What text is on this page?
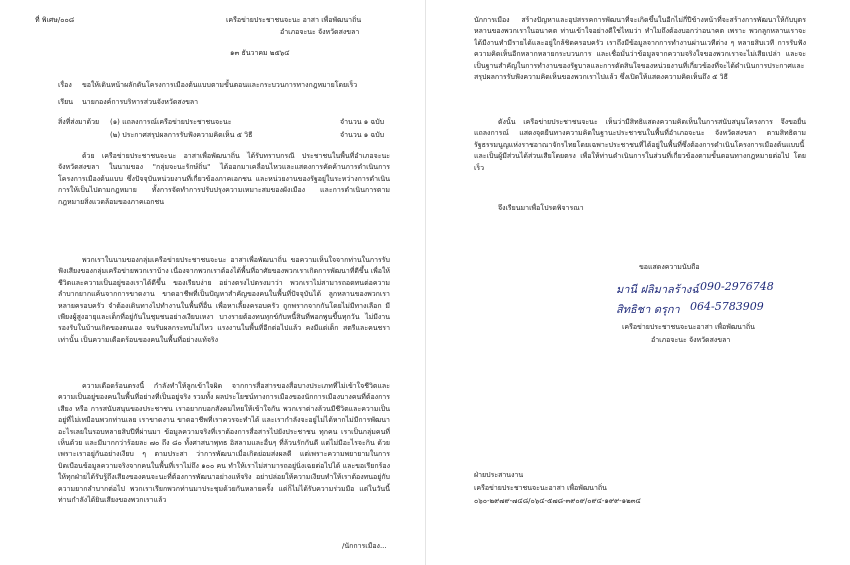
ที่ พิเศษ/๐๐๘	เครือข่ายประชาชนจะนะ อาสา เพื่อพัฒนาถิ่น
อำเภอจะนะ จังหวัดสงขลา
๑๓ ธันวาคม ๒๕๖๔
เรื่อง ขอให้เดินหน้าผลักดันโครงการเมืองต้นแบบตามขั้นตอนและกระบวนการทางกฎหมายโดยเร็ว
เรียน นายกองค์การบริหารส่วนจังหวัดสงขลา
สิ่งที่ส่งมาด้วย (๑) แถลงการณ์เครือข่ายประชาชนจะนะ	จำนวน ๑ ฉบับ
(๒) ประกาศสรุปผลการรับฟังความคิดเห็น ๕ วิธี	จำนวน ๑ ฉบับ
ด้วย เครือข่ายประชาชนจะนะ อาสาเพื่อพัฒนาถิ่น ได้รับทราบกรณี ประชาชนในพื้นที่อำเภอจะนะ จังหวัดสงขลา ในนามของ "กลุ่มจะนะรักษ์ถิ่น" ได้ออกมาเคลื่อนไหวและแสดงการคัดค้านการดำเนินการโครงการเมืองต้นแบบ ซึ่งปัจจุบันหน่วยงานที่เกี่ยวข้องภาคเอกชน และหน่วยงานของรัฐอยู่ในระหว่างการดำเนินการให้เป็นไปตามกฎหมาย ทั้งการจัดทำการปรับปรุงความเหมาะสมของผังเมือง และการดำเนินการตามกฎหมายสิ่งแวดล้อมของภาคเอกชน
พวกเราในนามของกลุ่มเครือข่ายประชาชนจะนะ อาสาเพื่อพัฒนาถิ่น ขอความเห็นใจจากท่านในการรับฟังเสียงของกลุ่มเครือข่ายพวกเราบ้าง เนื่องจากพวกเราต้องได้พื้นที่อาศัยของพวกเราเกิดการพัฒนาที่ดีขึ้น เพื่อให้ชีวิตและความเป็นอยู่ของเราได้ดีขึ้น ของเรียบง่าย อย่างตรงไปตรงมาว่า พวกเราไม่สามารถอดทนต่อความลำบากยากแค้นจากการขาดงาน ขาดอาชีพที่เป็นปัญหาสำคัญของคนในพื้นที่ปัจจุบันได้ ลูกหลานของพวกเราหลายครอบครัว จำต้องเดินทางไปทำงานในพื้นที่อื่น เพื่อหาเลี้ยงครอบครัว ถูกพรากจากกันโดยไม่มีทางเลือก มีเพียงผู้สูงอายุและเด็กที่อยู่กันในชุมชนอย่างเงียบเหงา บางรายต้องทนทุกข์กับหนี้สินที่พอกพูนขึ้นทุกวัน ไม่มีงานรองรับในบ้านเกิดของตนเอง จนรับผลกระทบไม่ไหว แรงงานในพื้นที่อีกต่อไปแล้ว คงมีแต่เด็ก สตรีและคนชรา เท่านั้น เป็นความเดือดร้อนของคนในพื้นที่อย่างแท้จริง
ความเดือดร้อนตรงนี้ กำลังทำให้ลูกเข้าใจผิด จากการสื่อสารของสื่อบางประเภทที่ไม่เข้าใจชีวิตและความเป็นอยู่ของคนในพื้นที่อย่างที่เป็นอยู่จริง รวมทั้ง ผลประโยชน์ทางการเมืองของนักการเมืองบางคนที่ต้องการเสียง หรือ การสนับสนุนของประชาชน เราอยากบอกสังคมไทยให้เข้าใจกัน พวกเราต่างล้วนมีชีวิตและความเป็นอยู่ที่ไม่เหมือนพวกท่านเลย เราขาดงาน ขาดอาชีพที่เราควรจะทำได้ และเรากำลังจะอยู่ไม่ได้หากไม่มีการพัฒนาอะไรเลยในรอบหลายสิบปีที่ผ่านมา ข้อมูลความจริงที่เราต้องการสื่อสารไปยังประชาชน ทุกคน เราเป็นกลุ่มคนที่เห็นด้วย และมีมากกว่าร้อยละ ๗๐ ถึง ๘๐ ทั้งศาสนาพุทธ อิสลามและอื่นๆ ที่ล้วนรักกันดี แต่ไม่มีอะไรจะกิน ด้วยเพราะเราอยู่กันอย่างเงียบ ๆ ตามประสา ว่าการพัฒนาเมื่อเกิดย่อมส่งผลดี แต่เพราะความพยายามในการบิดเบือนข้อมูลความจริงจากคนในพื้นที่เราไม่ถึง ๑๐๐ คน ทำให้เราไม่สามารถอยู่นิ่งเฉยต่อไปได้ และขอเรียกร้องให้ทุกฝ่ายได้รับรู้ถึงเสียงของคนจะนะที่ต้องการพัฒนาอย่างแท้จริง อย่าปล่อยให้ความเงียบทำให้เราต้องทนอยู่กับความยากลำบากต่อไป พวกเราเรียกพวกท่านมาประชุมด้วยกันหลายครั้ง แต่ก็ไม่ได้รับความร่วมมือ แต่ในวันนี้ ท่านกำลังได้ยินเสียงของพวกเราแล้ว
/นักการเมือง...
นักการเมือง สร้างปัญหาและอุปสรรคการพัฒนาที่จะเกิดขึ้นในอีกไม่กี่ปีข้างหน้าที่จะสร้างการพัฒนาให้กับบุตรหลานของพวกเราในอนาคต ท่านเข้าใจอย่างดีใช่ไหมว่า ทำไมถึงต้องบอกว่าอนาคต เพราะ พวกลูกหลานเราจะได้มีงานทำมีรายได้และอยู่ใกล้ชิดครอบครัว เราถึงมีข้อมูลจากการทำงานผ่านเวทีต่าง ๆ หลายสิบเวที การรับฟังความคิดเห็นอีกหลากหลายกระบวนการ และเชื่อมั่นว่าข้อมูลจากความจริงใจของพวกเราจะไม่เสียเปล่า และจะเป็นฐานสำคัญในการทำงานของรัฐบาลและการตัดสินใจของหน่วยงานที่เกี่ยวข้องที่จะได้ดำเนินการประกาศและสรุปผลการรับฟังความคิดเห็นของพวกเราไปแล้ว ซึ่งเปิดให้แสดงความคิดเห็นถึง ๕ วิธี
ดังนั้น เครือข่ายประชาชนจะนะ เห็นว่ามีสิทธิแสดงความคิดเห็นในการสนับสนุนโครงการ จึงขอยื่นแถลงการณ์ แสดงจุดยืนทางความคิดในฐานะประชาชนในพื้นที่อำเภอจะนะ จังหวัดสงขลา ตามสิทธิตามรัฐธรรมนูญแห่งราชอาณาจักรไทยโดยเฉพาะประชาชนที่ได้อยู่ในพื้นที่ซึ่งต้องการดำเนินโครงการเมืองต้นแบบนี้และเป็นผู้มีส่วนได้ส่วนเสียโดยตรง เพื่อให้ท่านดำเนินการในส่วนที่เกี่ยวข้องตามขั้นตอนทางกฎหมายต่อไป โดยเร็ว
จึงเรียนมาเพื่อโปรดพิจารณา
ขอแสดงความนับถือ
มานี ฝลิมาลร้างฉ์ 090-2976748
สิทธิชา ดรุกา 064-5783909
เครือข่ายประชาชนจะนะอาสา เพื่อพัฒนาถิ่น
อำเภอจะนะ จังหวัดสงขลา
ฝ่ายประสานงาน
เครือข่ายประชาชนจะนะอาสา เพื่อพัฒนาถิ่น
๐๖๐-๒๙๗๙-๗๔๘/๐๖๔-๕๗๘-๓๙๐๙/๐๙๔-๑๙๙-๑๒๓๔
